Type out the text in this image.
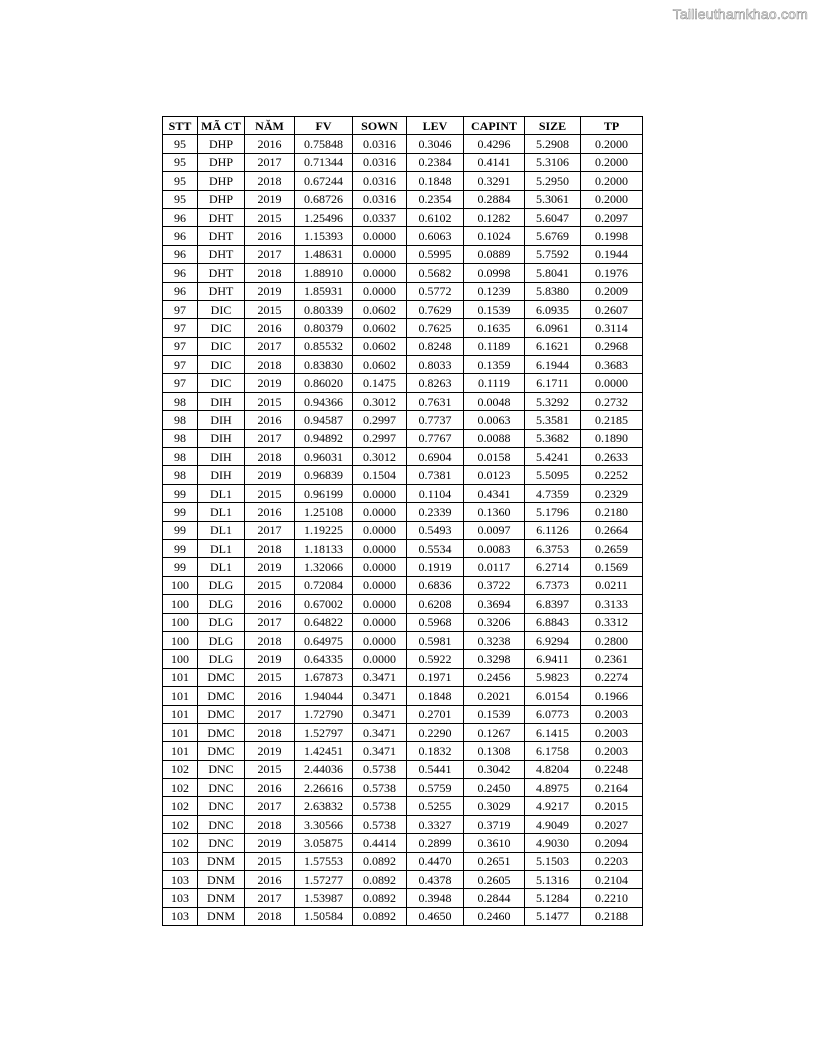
Tailieuthamkhao.com
STT	MÃ CT	NĂM	FV	SOWN	LEV	CAPINT	SIZE	TP
95	DHP	2016	0.75848	0.0316	0.3046	0.4296	5.2908	0.2000
95	DHP	2017	0.71344	0.0316	0.2384	0.4141	5.3106	0.2000
95	DHP	2018	0.67244	0.0316	0.1848	0.3291	5.2950	0.2000
95	DHP	2019	0.68726	0.0316	0.2354	0.2884	5.3061	0.2000
96	DHT	2015	1.25496	0.0337	0.6102	0.1282	5.6047	0.2097
96	DHT	2016	1.15393	0.0000	0.6063	0.1024	5.6769	0.1998
96	DHT	2017	1.48631	0.0000	0.5995	0.0889	5.7592	0.1944
96	DHT	2018	1.88910	0.0000	0.5682	0.0998	5.8041	0.1976
96	DHT	2019	1.85931	0.0000	0.5772	0.1239	5.8380	0.2009
97	DIC	2015	0.80339	0.0602	0.7629	0.1539	6.0935	0.2607
97	DIC	2016	0.80379	0.0602	0.7625	0.1635	6.0961	0.3114
97	DIC	2017	0.85532	0.0602	0.8248	0.1189	6.1621	0.2968
97	DIC	2018	0.83830	0.0602	0.8033	0.1359	6.1944	0.3683
97	DIC	2019	0.86020	0.1475	0.8263	0.1119	6.1711	0.0000
98	DIH	2015	0.94366	0.3012	0.7631	0.0048	5.3292	0.2732
98	DIH	2016	0.94587	0.2997	0.7737	0.0063	5.3581	0.2185
98	DIH	2017	0.94892	0.2997	0.7767	0.0088	5.3682	0.1890
98	DIH	2018	0.96031	0.3012	0.6904	0.0158	5.4241	0.2633
98	DIH	2019	0.96839	0.1504	0.7381	0.0123	5.5095	0.2252
99	DL1	2015	0.96199	0.0000	0.1104	0.4341	4.7359	0.2329
99	DL1	2016	1.25108	0.0000	0.2339	0.1360	5.1796	0.2180
99	DL1	2017	1.19225	0.0000	0.5493	0.0097	6.1126	0.2664
99	DL1	2018	1.18133	0.0000	0.5534	0.0083	6.3753	0.2659
99	DL1	2019	1.32066	0.0000	0.1919	0.0117	6.2714	0.1569
100	DLG	2015	0.72084	0.0000	0.6836	0.3722	6.7373	0.0211
100	DLG	2016	0.67002	0.0000	0.6208	0.3694	6.8397	0.3133
100	DLG	2017	0.64822	0.0000	0.5968	0.3206	6.8843	0.3312
100	DLG	2018	0.64975	0.0000	0.5981	0.3238	6.9294	0.2800
100	DLG	2019	0.64335	0.0000	0.5922	0.3298	6.9411	0.2361
101	DMC	2015	1.67873	0.3471	0.1971	0.2456	5.9823	0.2274
101	DMC	2016	1.94044	0.3471	0.1848	0.2021	6.0154	0.1966
101	DMC	2017	1.72790	0.3471	0.2701	0.1539	6.0773	0.2003
101	DMC	2018	1.52797	0.3471	0.2290	0.1267	6.1415	0.2003
101	DMC	2019	1.42451	0.3471	0.1832	0.1308	6.1758	0.2003
102	DNC	2015	2.44036	0.5738	0.5441	0.3042	4.8204	0.2248
102	DNC	2016	2.26616	0.5738	0.5759	0.2450	4.8975	0.2164
102	DNC	2017	2.63832	0.5738	0.5255	0.3029	4.9217	0.2015
102	DNC	2018	3.30566	0.5738	0.3327	0.3719	4.9049	0.2027
102	DNC	2019	3.05875	0.4414	0.2899	0.3610	4.9030	0.2094
103	DNM	2015	1.57553	0.0892	0.4470	0.2651	5.1503	0.2203
103	DNM	2016	1.57277	0.0892	0.4378	0.2605	5.1316	0.2104
103	DNM	2017	1.53987	0.0892	0.3948	0.2844	5.1284	0.2210
103	DNM	2018	1.50584	0.0892	0.4650	0.2460	5.1477	0.2188
